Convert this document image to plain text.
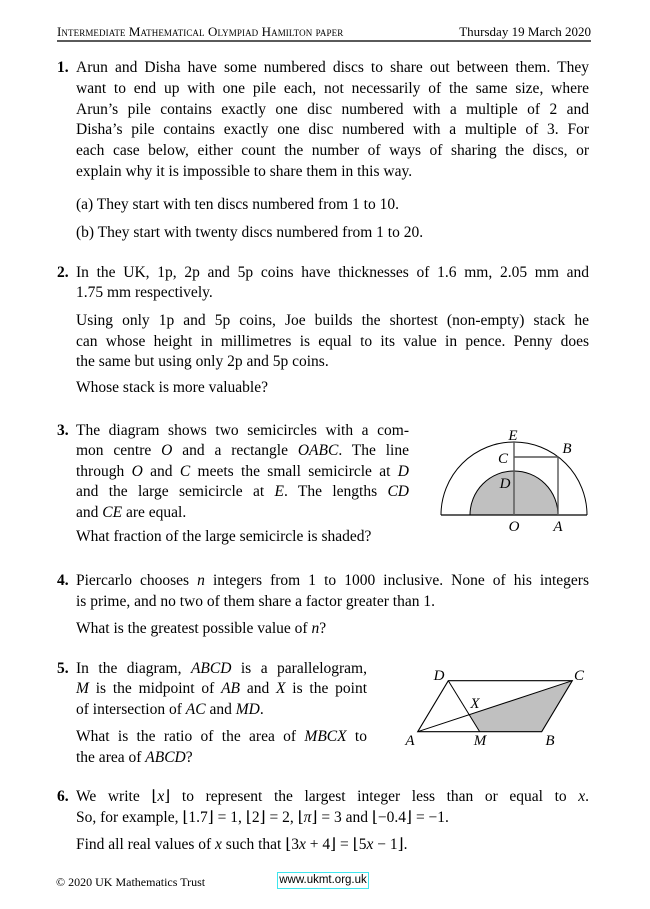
Intermediate Mathematical Olympiad Hamilton paper	Thursday 19 March 2020
1. Arun and Disha have some numbered discs to share out between them. They
want to end up with one pile each, not necessarily of the same size, where
Arun’s pile contains exactly one disc numbered with a multiple of 2 and
Disha’s pile contains exactly one disc numbered with a multiple of 3. For
each case below, either count the number of ways of sharing the discs, or
explain why it is impossible to share them in this way.
(a) They start with ten discs numbered from 1 to 10.
(b) They start with twenty discs numbered from 1 to 20.
2. In the UK, 1p, 2p and 5p coins have thicknesses of 1.6 mm, 2.05 mm and
1.75 mm respectively.
Using only 1p and 5p coins, Joe builds the shortest (non-empty) stack he
can whose height in millimetres is equal to its value in pence. Penny does
the same but using only 2p and 5p coins.
Whose stack is more valuable?
3. The diagram shows two semicircles with a com-
mon centre O and a rectangle OABC. The line
through O and C meets the small semicircle at D
and the large semicircle at E. The lengths CD
and CE are equal.
What fraction of the large semicircle is shaded?
E
C
B
D
O A
4. Piercarlo chooses n integers from 1 to 1000 inclusive. None of his integers
is prime, and no two of them share a factor greater than 1.
What is the greatest possible value of n?
5. In the diagram, ABCD is a parallelogram,
M is the midpoint of AB and X is the point
of intersection of AC and MD.
What is the ratio of the area of MBCX to
the area of ABCD?
D	C
X
A	M	B
6. We write ⌊x⌋ to represent the largest integer less than or equal to x.
So, for example, ⌊1.7⌋ = 1, ⌊2⌋ = 2, ⌊π⌋ = 3 and ⌊−0.4⌋ = −1.
Find all real values of x such that ⌊3x + 4⌋ = ⌊5x − 1⌋.
© 2020 UK Mathematics Trust	www.ukmt.org.uk
